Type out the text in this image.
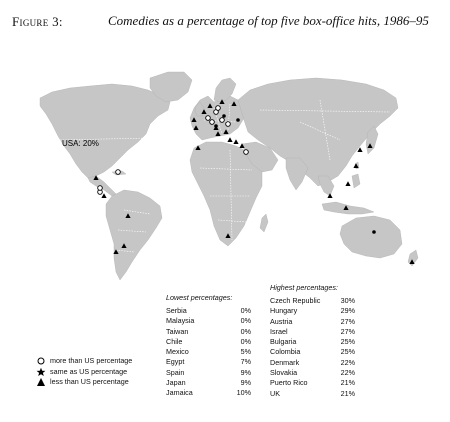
Figure 3:	Comedies as a percentage of top five box-office hits, 1986–95
USA: 20%
more than US percentage
same as US percentage
less than US percentage
Lowest percentages:
Serbia	0%
Malaysia	0%
Taiwan	0%
Chile	0%
Mexico	5%
Egypt	7%
Spain	9%
Japan	9%
Jamaica	10%
Highest percentages:
Czech Republic	30%
Hungary	29%
Austria	27%
Israel	27%
Bulgaria	25%
Colombia	25%
Denmark	22%
Slovakia	22%
Puerto Rico	21%
UK	21%
